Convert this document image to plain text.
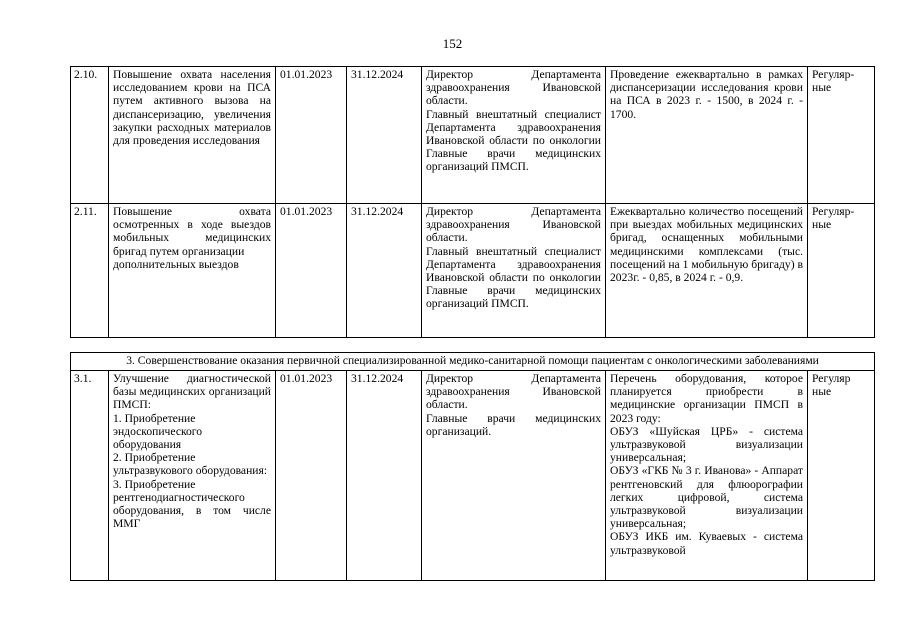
152
2.10.	Повышение охвата населения исследованием крови на ПСА путем активного вызова на диспансеризацию, увеличения закупки расходных материалов для проведения исследования	01.01.2023	31.12.2024	Директор Департамента здравоохранения Ивановской области.
Главный внештатный специалист Департамента здравоохранения Ивановской области по онкологии Главные врачи медицинских организаций ПМСП.	Проведение ежеквартально в рамках диспансеризации исследования крови на ПСА в 2023 г. - 1500, в 2024 г. - 1700.	Регуляр-ные
2.11.	Повышение охвата осмотренных в ходе выездов мобильных медицинских бригад путем организации
дополнительных выездов	01.01.2023	31.12.2024	Директор Департамента здравоохранения Ивановской области.
Главный внештатный специалист Департамента здравоохранения Ивановской области по онкологии Главные врачи медицинских организаций ПМСП.	Ежеквартально количество посещений при выездах мобильных медицинских бригад, оснащенных мобильными медицинскими комплексами (тыс. посещений на 1 мобильную бригаду) в 2023г. - 0,85, в 2024 г. - 0,9.	Регуляр-ные
3. Совершенствование оказания первичной специализированной медико-санитарной помощи пациентам с онкологическими заболеваниями
3.1.	Улучшение диагностической базы медицинских организаций ПМСП:
1. Приобретение
эндоскопического оборудования
2. Приобретение
ультразвукового оборудования:
3. Приобретение
рентгенодиагностического оборудования, в том числе ММГ	01.01.2023	31.12.2024	Директор Департамента здравоохранения Ивановской области.
Главные врачи медицинских организаций.	Перечень оборудования, которое планируется приобрести в медицинские организации ПМСП в 2023 году:
ОБУЗ «Шуйская ЦРБ» - система ультразвуковой визуализации универсальная;
ОБУЗ «ГКБ № 3 г. Иванова» - Аппарат рентгеновский для флюорографии легких цифровой, система ультразвуковой визуализации универсальная;
ОБУЗ ИКБ им. Куваевых - система ультразвуковой	Регуляр
ные
